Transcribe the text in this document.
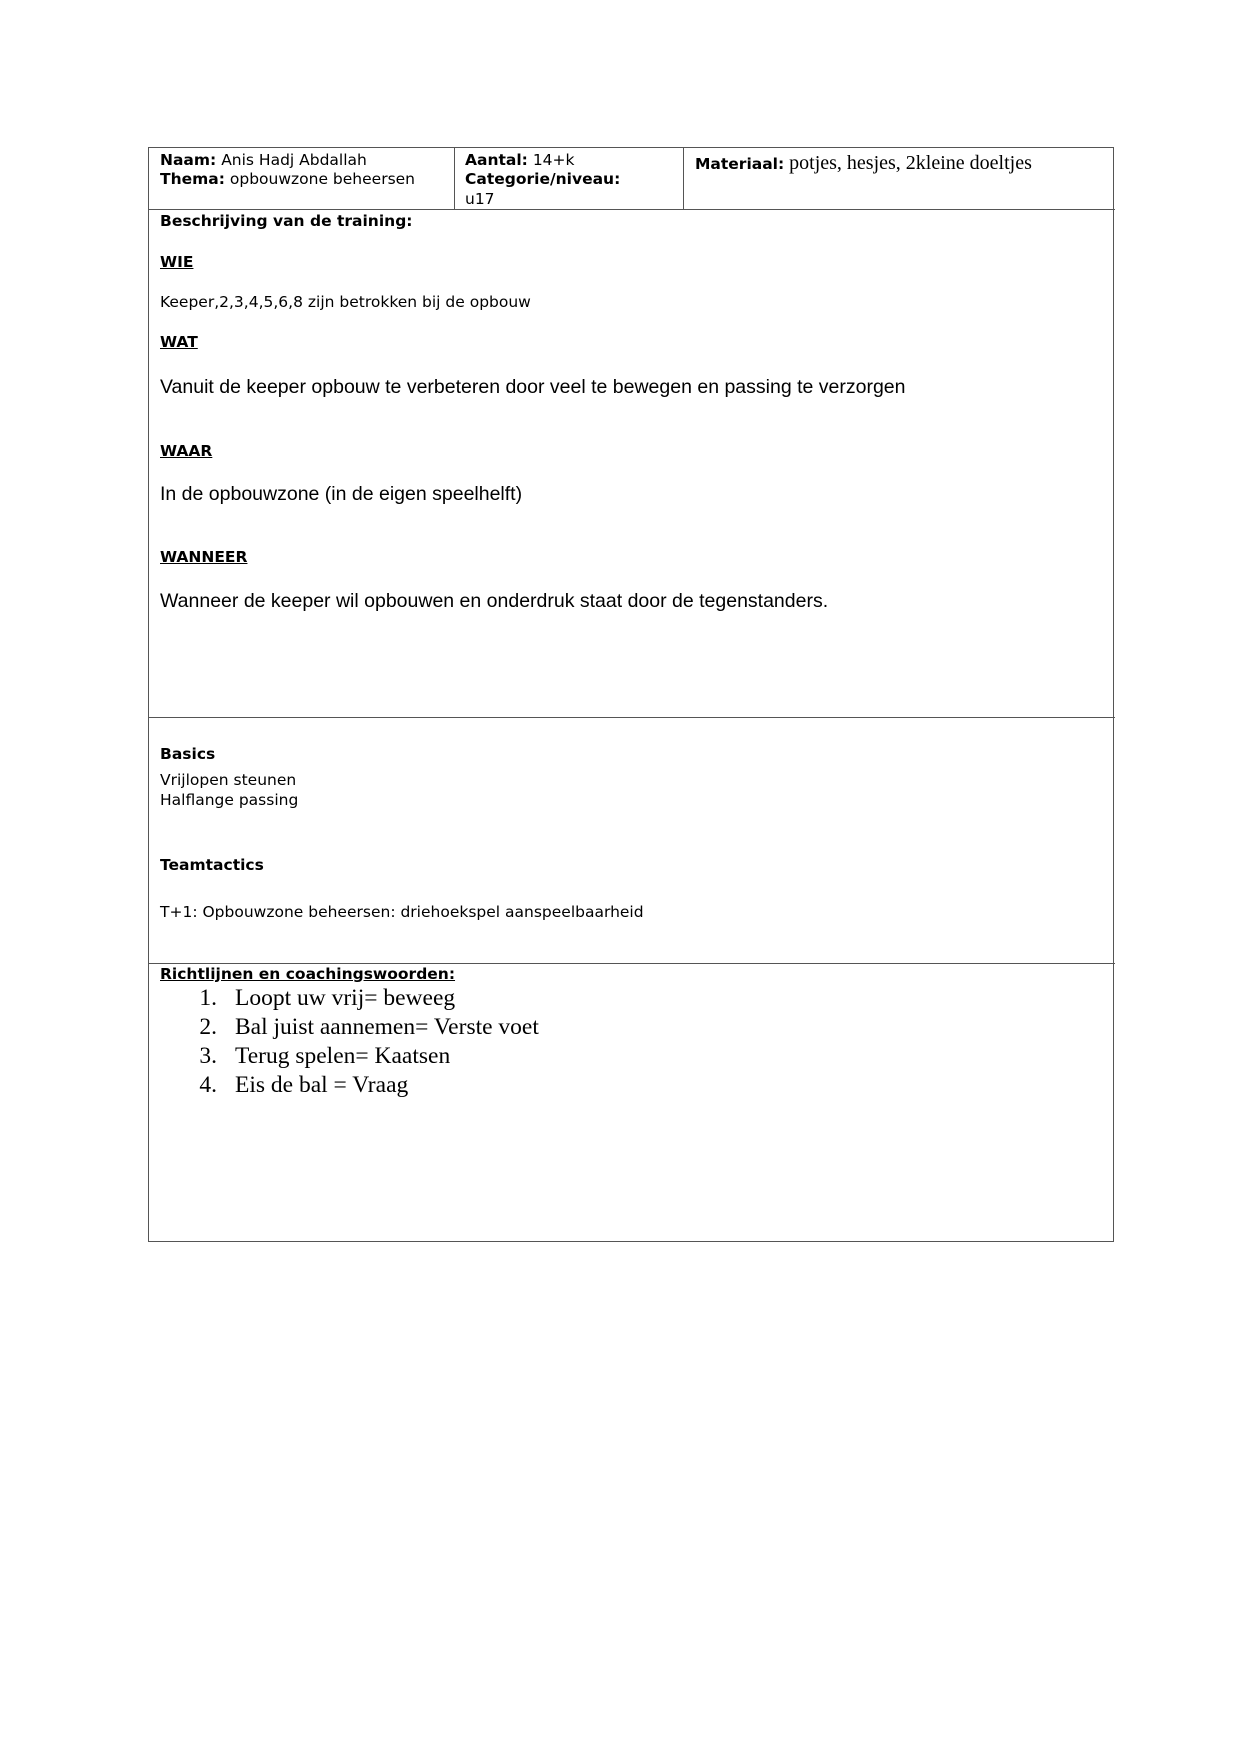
Naam: Anis Hadj Abdallah
Thema: opbouwzone beheersen
Aantal: 14+k
Categorie/niveau:
u17
Materiaal: potjes, hesjes, 2kleine doeltjes
Beschrijving van de training:
WIE
Keeper,2,3,4,5,6,8 zijn betrokken bij de opbouw
WAT
Vanuit de keeper opbouw te verbeteren door veel te bewegen en passing te verzorgen
WAAR
In de opbouwzone (in de eigen speelhelft)
WANNEER
Wanneer de keeper wil opbouwen en onderdruk staat door de tegenstanders.
Basics
Vrijlopen steunen
Halflange passing
Teamtactics
T+1: Opbouwzone beheersen: driehoekspel aanspeelbaarheid
Richtlijnen en coachingswoorden:
1. Loopt uw vrij= beweeg
2. Bal juist aannemen= Verste voet
3. Terug spelen= Kaatsen
4. Eis de bal = Vraag
